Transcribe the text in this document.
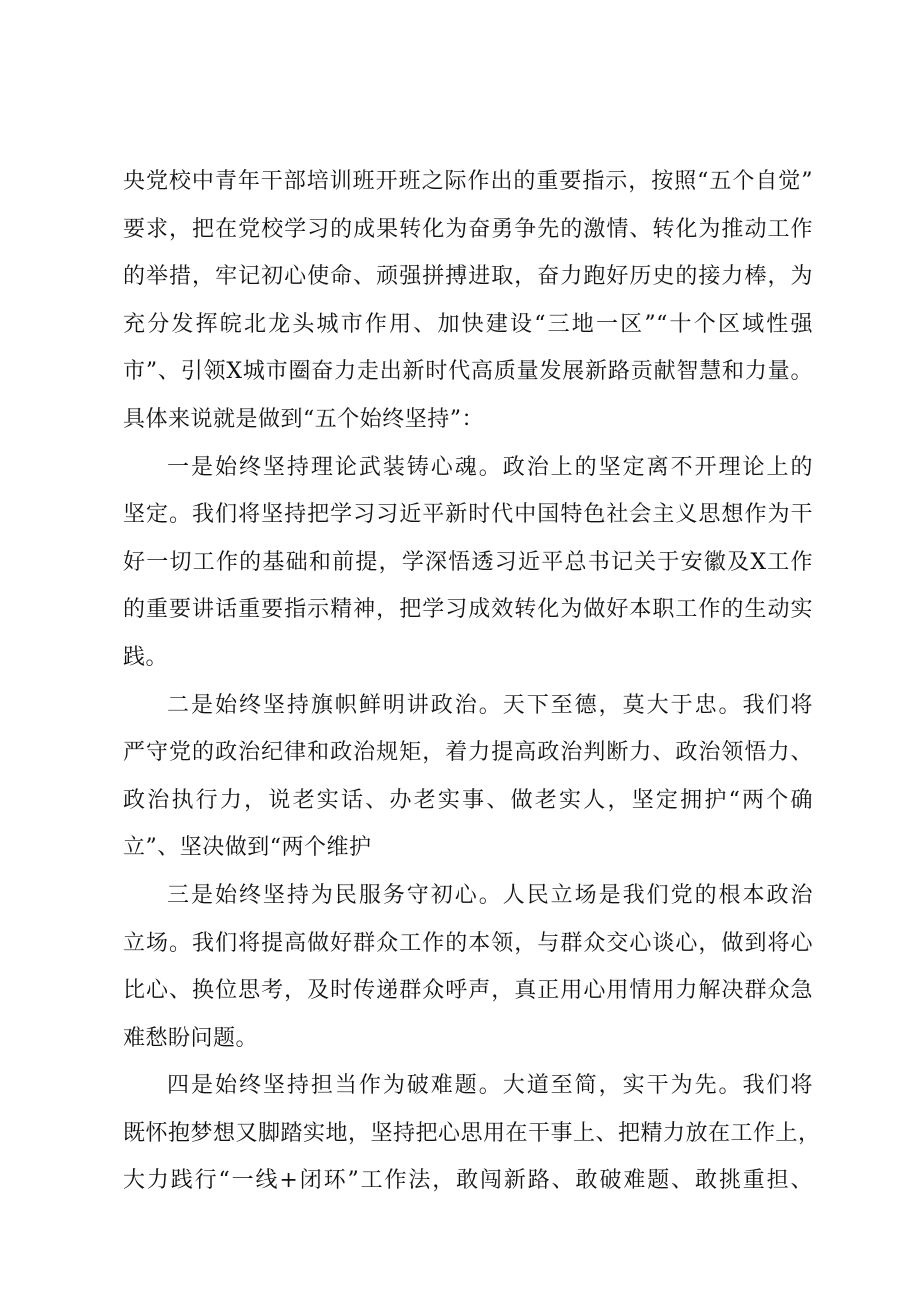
央党校中青年干部培训班开班之际作出的重要指示，按照“五个自觉”
要求，把在党校学习的成果转化为奋勇争先的激情、转化为推动工作
的举措，牢记初心使命、顽强拼搏进取，奋力跑好历史的接力棒，为
充分发挥皖北龙头城市作用、加快建设“三地一区”“十个区域性强
市”、引领X城市圈奋力走出新时代高质量发展新路贡献智慧和力量。
具体来说就是做到“五个始终坚持”：
一是始终坚持理论武装铸心魂。政治上的坚定离不开理论上的
坚定。我们将坚持把学习习近平新时代中国特色社会主义思想作为干
好一切工作的基础和前提，学深悟透习近平总书记关于安徽及X工作
的重要讲话重要指示精神，把学习成效转化为做好本职工作的生动实
践。
二是始终坚持旗帜鲜明讲政治。天下至德，莫大于忠。我们将
严守党的政治纪律和政治规矩，着力提高政治判断力、政治领悟力、
政治执行力，说老实话、办老实事、做老实人，坚定拥护“两个确
立”、坚决做到“两个维护
三是始终坚持为民服务守初心。人民立场是我们党的根本政治
立场。我们将提高做好群众工作的本领，与群众交心谈心，做到将心
比心、换位思考，及时传递群众呼声，真正用心用情用力解决群众急
难愁盼问题。
四是始终坚持担当作为破难题。大道至简，实干为先。我们将
既怀抱梦想又脚踏实地，坚持把心思用在干事上、把精力放在工作上，
大力践行“一线+闭环”工作法，敢闯新路、敢破难题、敢挑重担、
